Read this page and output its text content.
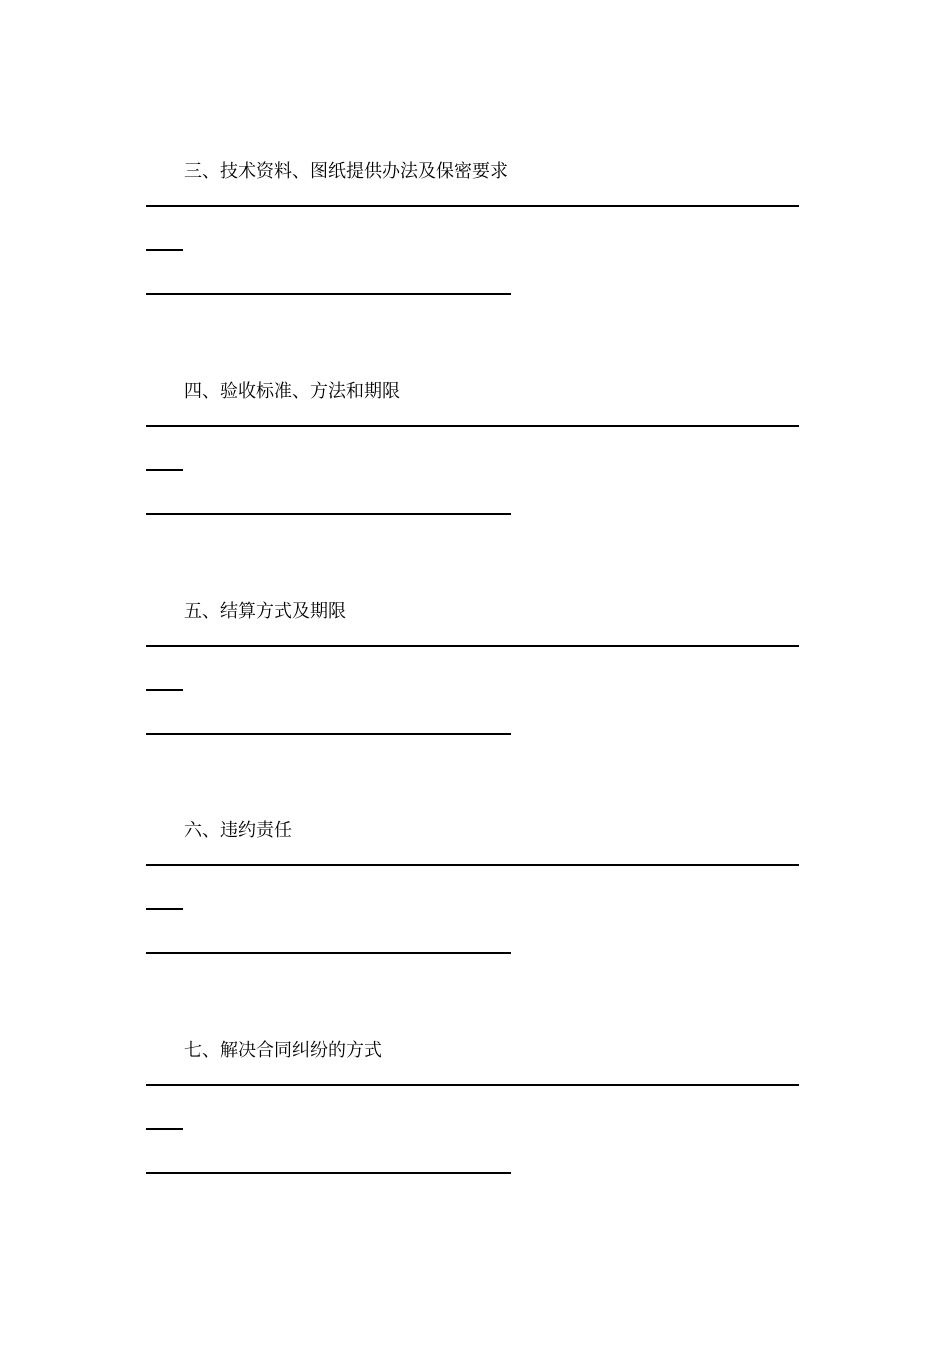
三、技术资料、图纸提供办法及保密要求
四、验收标准、方法和期限
五、结算方式及期限
六、违约责任
七、解决合同纠纷的方式
